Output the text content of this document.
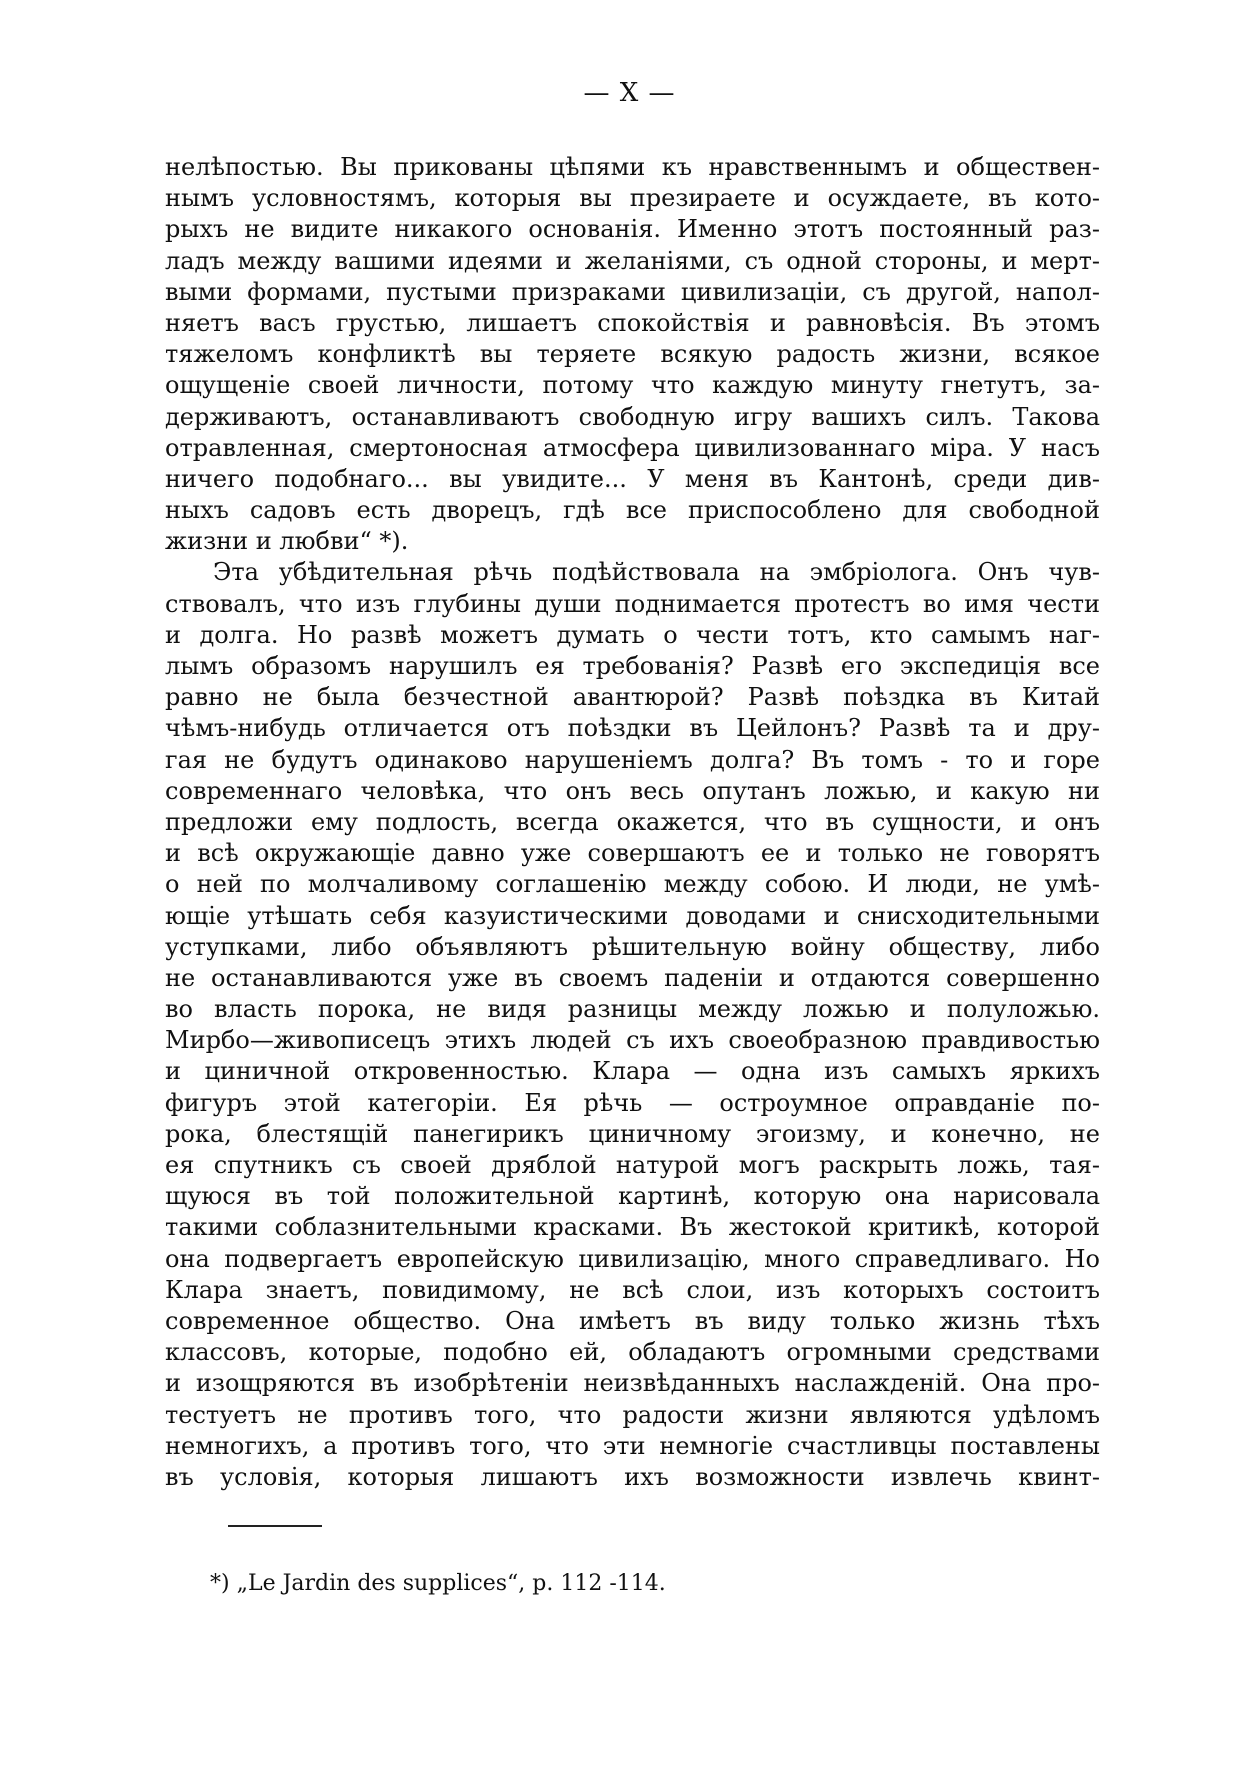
— X —
нелѣпостью. Вы прикованы цѣпями къ нравственнымъ и обществен-
нымъ условностямъ, которыя вы презираете и осуждаете, въ кото-
рыхъ не видите никакого основанія. Именно этотъ постоянный раз-
ладъ между вашими идеями и желаніями, съ одной стороны, и мерт-
выми формами, пустыми призраками цивилизаціи, съ другой, напол-
няетъ васъ грустью, лишаетъ спокойствія и равновѣсія. Въ этомъ
тяжеломъ конфликтѣ вы теряете всякую радость жизни, всякое
ощущеніе своей личности, потому что каждую минуту гнетутъ, за-
держиваютъ, останавливаютъ свободную игру вашихъ силъ. Такова
отравленная, смертоносная атмосфера цивилизованнаго міра. У насъ
ничего подобнаго... вы увидите... У меня въ Кантонѣ, среди див-
ныхъ садовъ есть дворецъ, гдѣ все приспособлено для свободной
жизни и любви“ *).
Эта убѣдительная рѣчь подѣйствовала на эмбріолога. Онъ чув-
ствовалъ, что изъ глубины души поднимается протестъ во имя чести
и долга. Но развѣ можетъ думать о чести тотъ, кто самымъ наг-
лымъ образомъ нарушилъ ея требованія? Развѣ его экспедиція все
равно не была безчестной авантюрой? Развѣ поѣздка въ Китай
чѣмъ-нибудь отличается отъ поѣздки въ Цейлонъ? Развѣ та и дру-
гая не будутъ одинаково нарушеніемъ долга? Въ томъ - то и горе
современнаго человѣка, что онъ весь опутанъ ложью, и какую ни
предложи ему подлость, всегда окажется, что въ сущности, и онъ
и всѣ окружающіе давно уже совершаютъ ее и только не говорятъ
о ней по молчаливому соглашенію между собою. И люди, не умѣ-
ющіе утѣшать себя казуистическими доводами и снисходительными
уступками, либо объявляютъ рѣшительную войну обществу, либо
не останавливаются уже въ своемъ паденіи и отдаются совершенно
во власть порока, не видя разницы между ложью и полуложью.
Мирбо—живописецъ этихъ людей съ ихъ своеобразною правдивостью
и циничной откровенностью. Клара — одна изъ самыхъ яркихъ
фигуръ этой категоріи. Ея рѣчь — остроумное оправданіе по-
рока, блестящій панегирикъ циничному эгоизму, и конечно, не
ея спутникъ съ своей дряблой натурой могъ раскрыть ложь, тая-
щуюся въ той положительной картинѣ, которую она нарисовала
такими соблазнительными красками. Въ жестокой критикѣ, которой
она подвергаетъ европейскую цивилизацію, много справедливаго. Но
Клара знаетъ, повидимому, не всѣ слои, изъ которыхъ состоитъ
современное общество. Она имѣетъ въ виду только жизнь тѣхъ
классовъ, которые, подобно ей, обладаютъ огромными средствами
и изощряются въ изобрѣтеніи неизвѣданныхъ наслажденій. Она про-
тестуетъ не противъ того, что радости жизни являются удѣломъ
немногихъ, а противъ того, что эти немногіе счастливцы поставлены
въ условія, которыя лишаютъ ихъ возможности извлечь квинт-
*) „Le Jardin des supplices“, p. 112 -114.
